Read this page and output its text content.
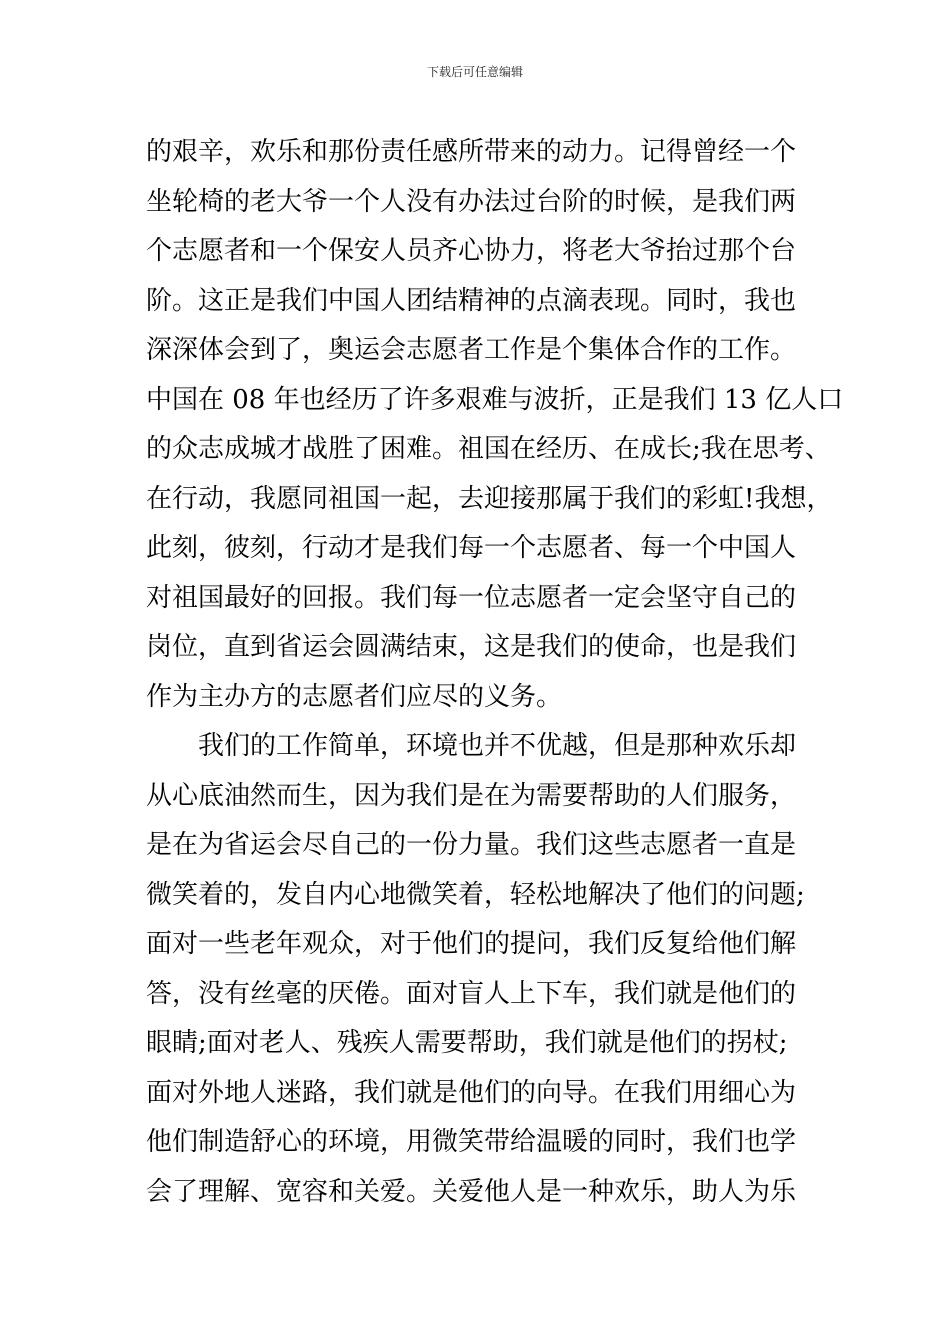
下载后可任意编辑
的艰辛，欢乐和那份责任感所带来的动力。记得曾经一个
坐轮椅的老大爷一个人没有办法过台阶的时候，是我们两
个志愿者和一个保安人员齐心协力，将老大爷抬过那个台
阶。这正是我们中国人团结精神的点滴表现。同时，我也
深深体会到了，奥运会志愿者工作是个集体合作的工作。
中国在 08 年也经历了许多艰难与波折，正是我们 13 亿人口
的众志成城才战胜了困难。祖国在经历、在成长;我在思考、
在行动，我愿同祖国一起，去迎接那属于我们的彩虹!我想，
此刻，彼刻，行动才是我们每一个志愿者、每一个中国人
对祖国最好的回报。我们每一位志愿者一定会坚守自己的
岗位，直到省运会圆满结束，这是我们的使命，也是我们
作为主办方的志愿者们应尽的义务。
我们的工作简单，环境也并不优越，但是那种欢乐却
从心底油然而生，因为我们是在为需要帮助的人们服务，
是在为省运会尽自己的一份力量。我们这些志愿者一直是
微笑着的，发自内心地微笑着，轻松地解决了他们的问题;
面对一些老年观众，对于他们的提问，我们反复给他们解
答，没有丝毫的厌倦。面对盲人上下车，我们就是他们的
眼睛;面对老人、残疾人需要帮助，我们就是他们的拐杖;
面对外地人迷路，我们就是他们的向导。在我们用细心为
他们制造舒心的环境，用微笑带给温暖的同时，我们也学
会了理解、宽容和关爱。关爱他人是一种欢乐，助人为乐
